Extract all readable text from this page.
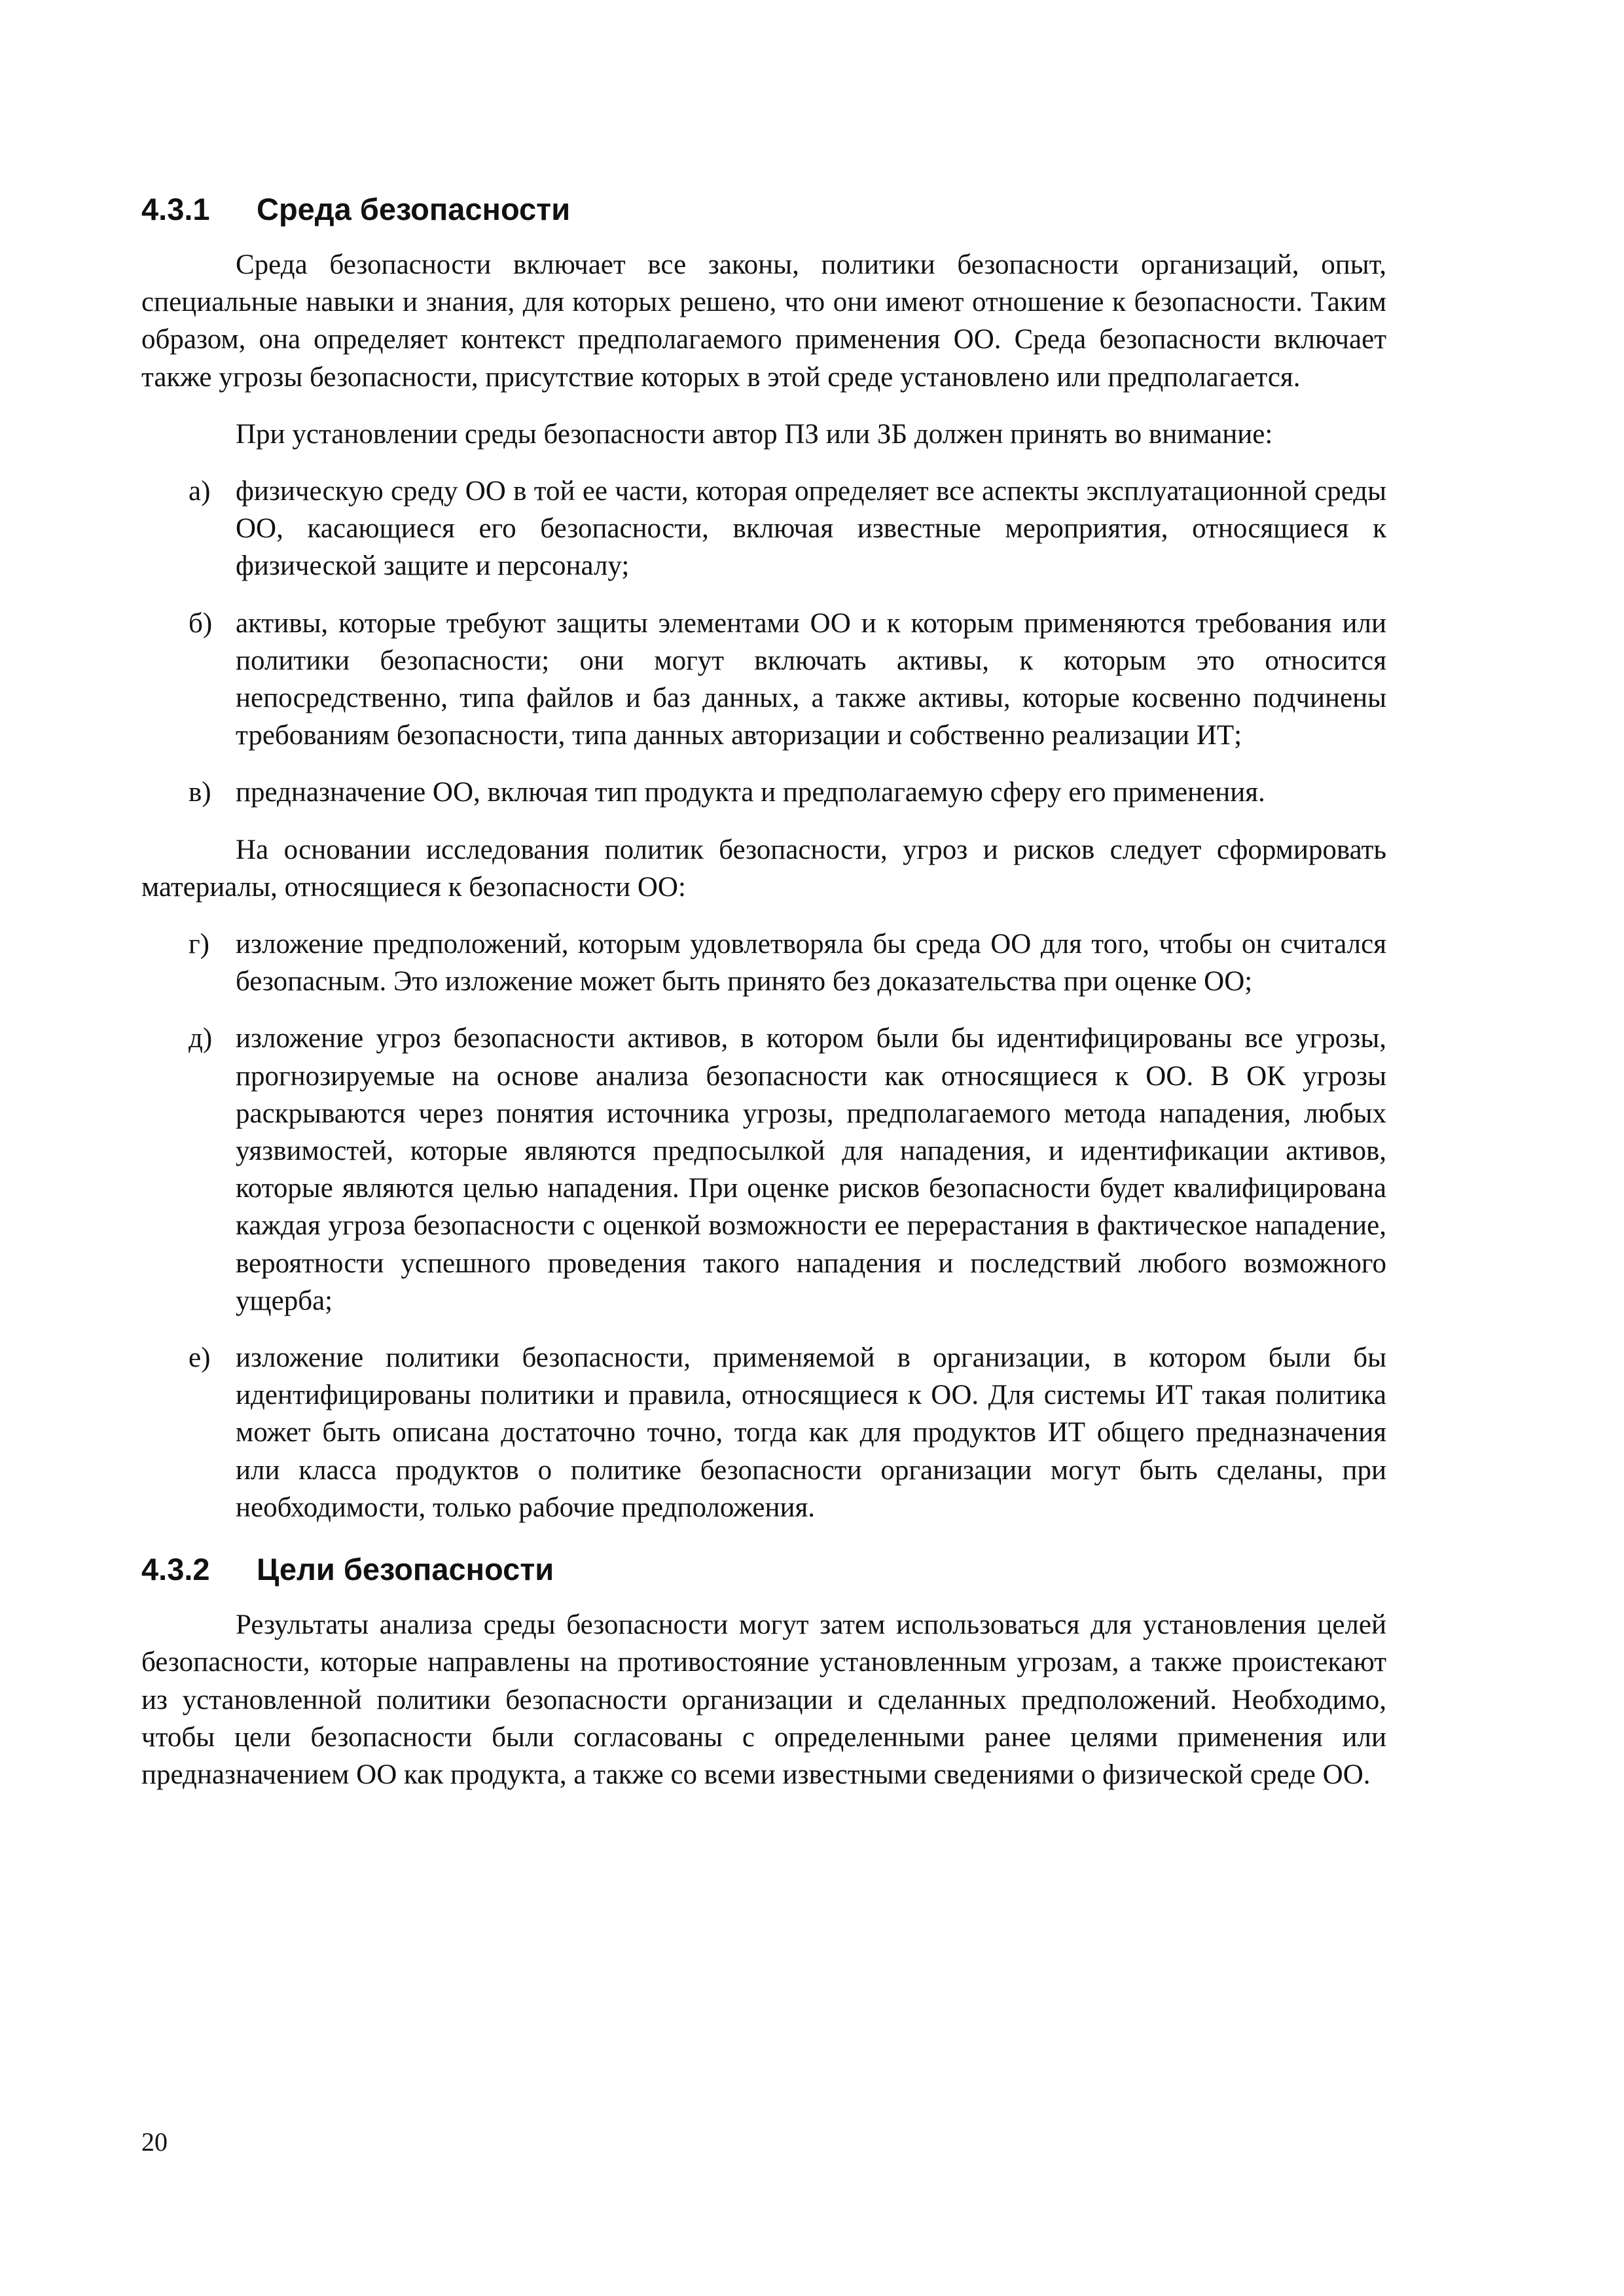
4.3.1	Среда безопасности

Среда безопасности включает все законы, политики безопасности организаций, опыт, специальные навыки и знания, для которых решено, что они имеют отношение к безопасности. Таким образом, она определяет контекст предполагаемого применения ОО. Среда безопасности включает также угрозы безопасности, присутствие которых в этой среде установлено или предполагается.

При установлении среды безопасности автор ПЗ или ЗБ должен принять во внимание:

а) физическую среду ОО в той ее части, которая определяет все аспекты эксплуатационной среды ОО, касающиеся его безопасности, включая известные мероприятия, относящиеся к физической защите и персоналу;
б) активы, которые требуют защиты элементами ОО и к которым применяются требования или политики безопасности; они могут включать активы, к которым это относится непосредственно, типа файлов и баз данных, а также активы, которые косвенно подчинены требованиям безопасности, типа данных авторизации и собственно реализации ИТ;
в) предназначение ОО, включая тип продукта и предполагаемую сферу его применения.

На основании исследования политик безопасности, угроз и рисков следует сформировать материалы, относящиеся к безопасности ОО:

г) изложение предположений, которым удовлетворяла бы среда ОО для того, чтобы он считался безопасным. Это изложение может быть принято без доказательства при оценке ОО;
д) изложение угроз безопасности активов, в котором были бы идентифицированы все угрозы, прогнозируемые на основе анализа безопасности как относящиеся к ОО. В ОК угрозы раскрываются через понятия источника угрозы, предполагаемого метода нападения, любых уязвимостей, которые являются предпосылкой для нападения, и идентификации активов, которые являются целью нападения. При оценке рисков безопасности будет квалифицирована каждая угроза безопасности с оценкой возможности ее перерастания в фактическое нападение, вероятности успешного проведения такого нападения и последствий любого возможного ущерба;
е) изложение политики безопасности, применяемой в организации, в котором были бы идентифицированы политики и правила, относящиеся к ОО. Для системы ИТ такая политика может быть описана достаточно точно, тогда как для продуктов ИТ общего предназначения или класса продуктов о политике безопасности организации могут быть сделаны, при необходимости, только рабочие предположения.
4.3.2	Цели безопасности

Результаты анализа среды безопасности могут затем использоваться для установления целей безопасности, которые направлены на противостояние установленным угрозам, а также проистекают из установленной политики безопасности организации и сделанных предположений. Необходимо, чтобы цели безопасности были согласованы с определенными ранее целями применения или предназначением ОО как продукта, а также со всеми известными сведениями о физической среде ОО.

20
